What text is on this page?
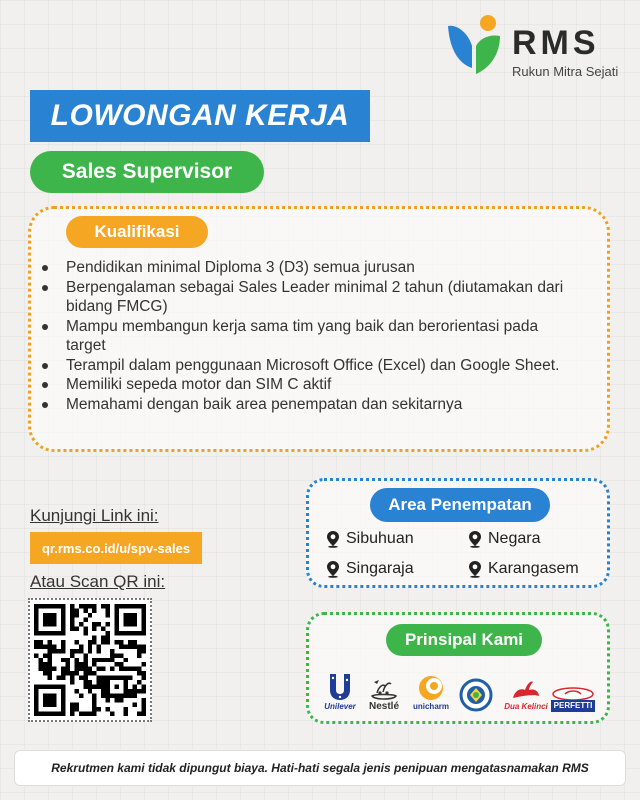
RMS
Rukun Mitra Sejati
LOWONGAN KERJA
Sales Supervisor
Kualifikasi
Pendidikan minimal Diploma 3 (D3) semua jurusan
Berpengalaman sebagai Sales Leader minimal 2 tahun (diutamakan dari bidang FMCG)
Mampu membangun kerja sama tim yang baik dan berorientasi pada target
Terampil dalam penggunaan Microsoft Office (Excel) dan Google Sheet.
Memiliki sepeda motor dan SIM C aktif
Memahami dengan baik area penempatan dan sekitarnya
Kunjungi Link ini:
qr.rms.co.id/u/spv-sales
Atau Scan QR ini:
Area Penempatan
Sibuhuan	Negara
Singaraja	Karangasem
Prinsipal Kami
Unilever Nestlé unicharm	Dua Kelinci PERFETTI
Rekrutmen kami tidak dipungut biaya. Hati-hati segala jenis penipuan mengatasnamakan RMS
